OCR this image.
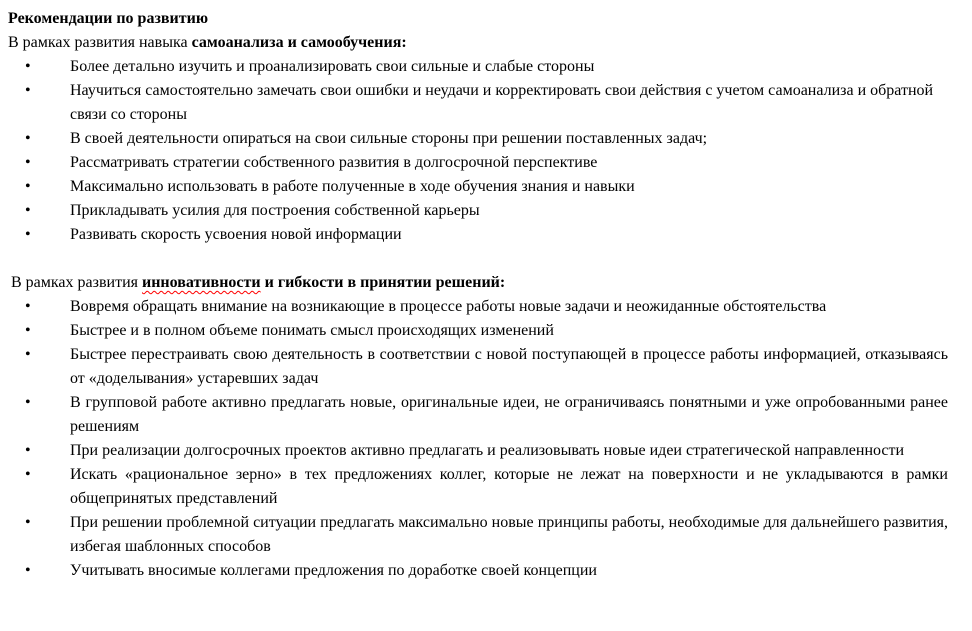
Рекомендации по развитию

В рамках развития навыка самоанализа и самообучения:

• Более детально изучить и проанализировать свои сильные и слабые стороны
• Научиться самостоятельно замечать свои ошибки и неудачи и корректировать свои действия с учетом самоанализа и обратной связи со стороны
• В своей деятельности опираться на свои сильные стороны при решении поставленных задач;
• Рассматривать стратегии собственного развития в долгосрочной перспективе
• Максимально использовать в работе полученные в ходе обучения знания и навыки
• Прикладывать усилия для построения собственной карьеры
• Развивать скорость усвоения новой информации

В рамках развития инновативности и гибкости в принятии решений:

• Вовремя обращать внимание на возникающие в процессе работы новые задачи и неожиданные обстоятельства
• Быстрее и в полном объеме понимать смысл происходящих изменений
• Быстрее перестраивать свою деятельность в соответствии с новой поступающей в процессе работы информацией, отказываясь от «доделывания» устаревших задач
• В групповой работе активно предлагать новые, оригинальные идеи, не ограничиваясь понятными и уже опробованными ранее решениям
• При реализации долгосрочных проектов активно предлагать и реализовывать новые идеи стратегической направленности
• Искать «рациональное зерно» в тех предложениях коллег, которые не лежат на поверхности и не укладываются в рамки общепринятых представлений
• При решении проблемной ситуации предлагать максимально новые принципы работы, необходимые для дальнейшего развития, избегая шаблонных способов
• Учитывать вносимые коллегами предложения по доработке своей концепции
